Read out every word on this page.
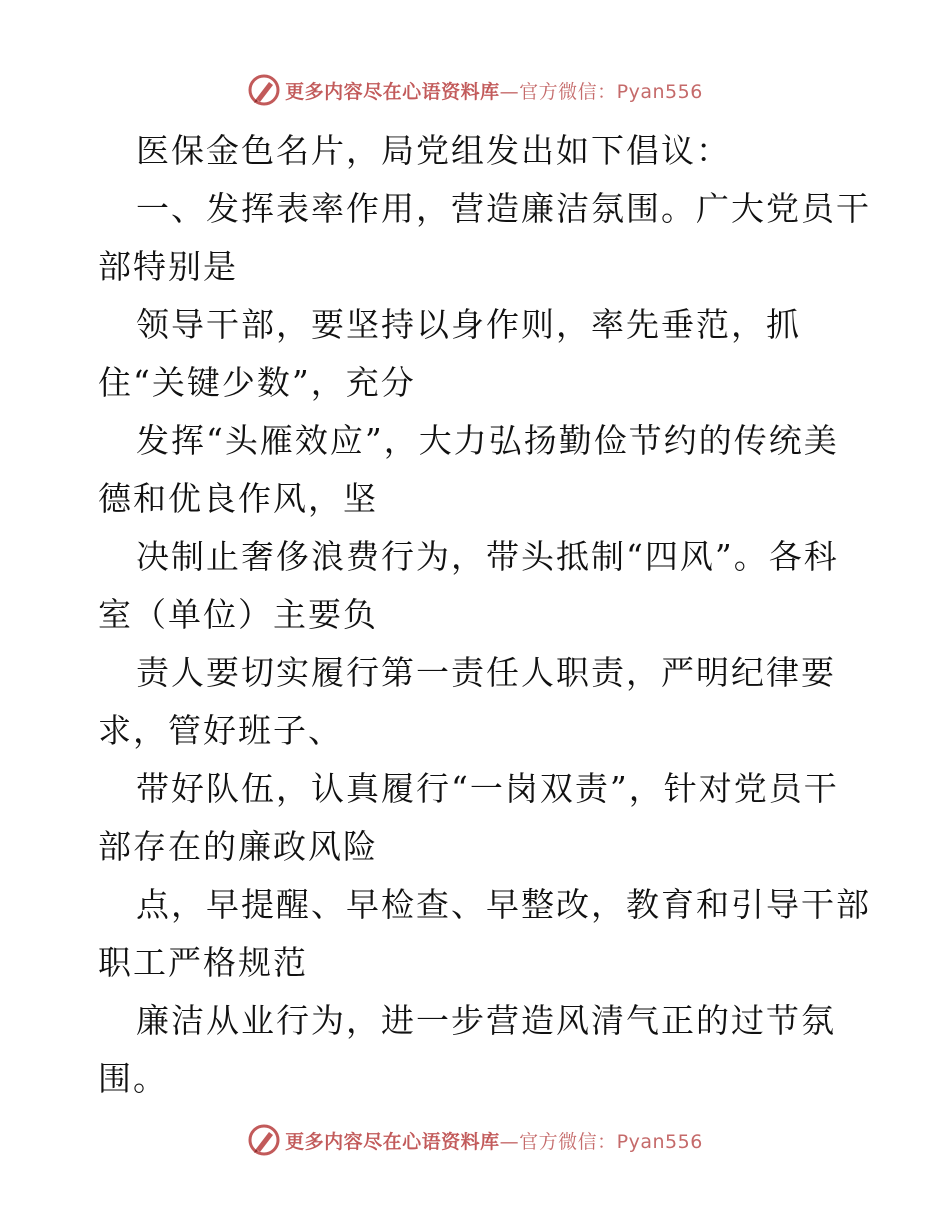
更多内容尽在心语资料库—官方微信：Pyan556
医保金色名片，局党组发出如下倡议：
一、发挥表率作用，营造廉洁氛围。广大党员干
部特别是
领导干部，要坚持以身作则，率先垂范，抓
住“关键少数”，充分
发挥“头雁效应”，大力弘扬勤俭节约的传统美
德和优良作风，坚
决制止奢侈浪费行为，带头抵制“四风”。各科
室（单位）主要负
责人要切实履行第一责任人职责，严明纪律要
求，管好班子、
带好队伍，认真履行“一岗双责”，针对党员干
部存在的廉政风险
点，早提醒、早检查、早整改，教育和引导干部
职工严格规范
廉洁从业行为，进一步营造风清气正的过节氛
围。
更多内容尽在心语资料库—官方微信：Pyan556
